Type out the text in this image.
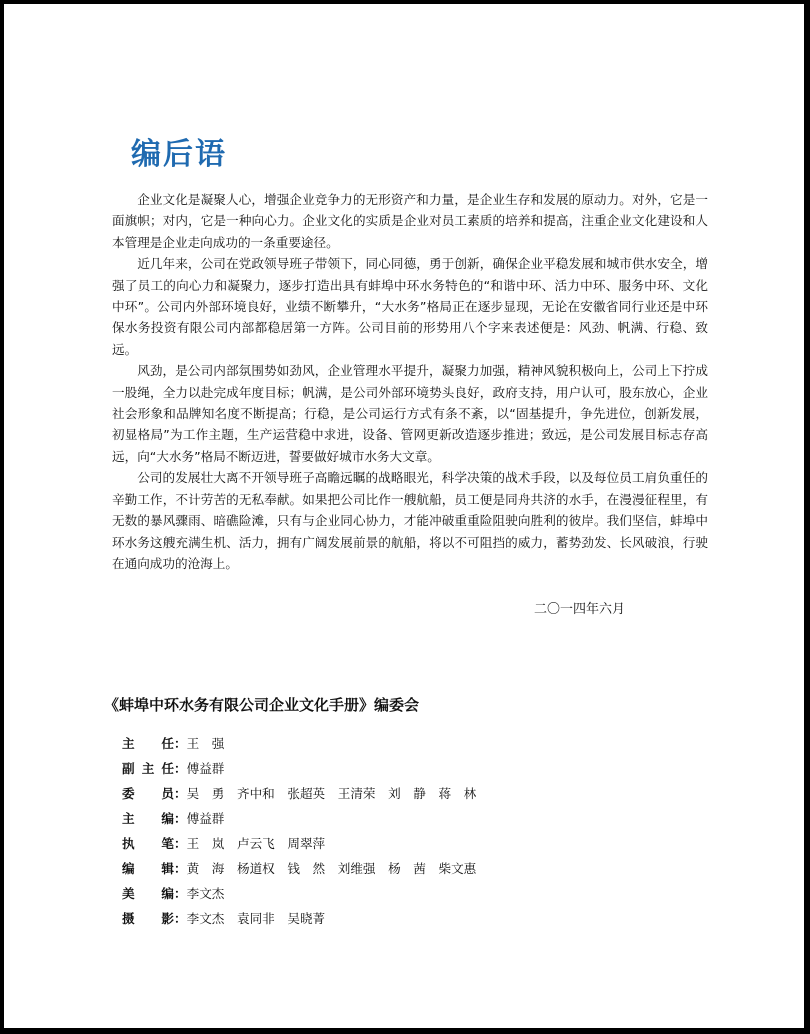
编后语

企业文化是凝聚人心，增强企业竞争力的无形资产和力量，是企业生存和发展的原动力。对外，它是一面旗帜；对内，它是一种向心力。企业文化的实质是企业对员工素质的培养和提高，注重企业文化建设和人本管理是企业走向成功的一条重要途径。

近几年来，公司在党政领导班子带领下，同心同德，勇于创新，确保企业平稳发展和城市供水安全，增强了员工的向心力和凝聚力，逐步打造出具有蚌埠中环水务特色的“和谐中环、活力中环、服务中环、文化中环”。公司内外部环境良好，业绩不断攀升，“大水务”格局正在逐步显现，无论在安徽省同行业还是中环保水务投资有限公司内部都稳居第一方阵。公司目前的形势用八个字来表述便是：风劲、帆满、行稳、致远。

风劲，是公司内部氛围势如劲风，企业管理水平提升，凝聚力加强，精神风貌积极向上，公司上下拧成一股绳，全力以赴完成年度目标；帆满，是公司外部环境势头良好，政府支持，用户认可，股东放心，企业社会形象和品牌知名度不断提高；行稳，是公司运行方式有条不紊，以“固基提升，争先进位，创新发展，初显格局”为工作主题，生产运营稳中求进，设备、管网更新改造逐步推进；致远，是公司发展目标志存高远，向“大水务”格局不断迈进，誓要做好城市水务大文章。

公司的发展壮大离不开领导班子高瞻远瞩的战略眼光，科学决策的战术手段，以及每位员工肩负重任的辛勤工作，不计劳苦的无私奉献。如果把公司比作一艘航船，员工便是同舟共济的水手，在漫漫征程里，有无数的暴风骤雨、暗礁险滩，只有与企业同心协力，才能冲破重重险阻驶向胜利的彼岸。我们坚信，蚌埠中环水务这艘充满生机、活力，拥有广阔发展前景的航船，将以不可阻挡的威力，蓄势劲发、长风破浪，行驶在通向成功的沧海上。

二〇一四年六月
《蚌埠中环水务有限公司企业文化手册》编委会
主任：王　强
副主任：傅益群
委员：吴　勇　齐中和　张超英　王清荣　刘　静　蒋　林
主编：傅益群
执笔：王　岚　卢云飞　周翠萍
编辑：黄　海　杨道权　钱　然　刘维强　杨　茜　柴文惠
美编：李文杰
摄影：李文杰　袁同非　吴晓菁
